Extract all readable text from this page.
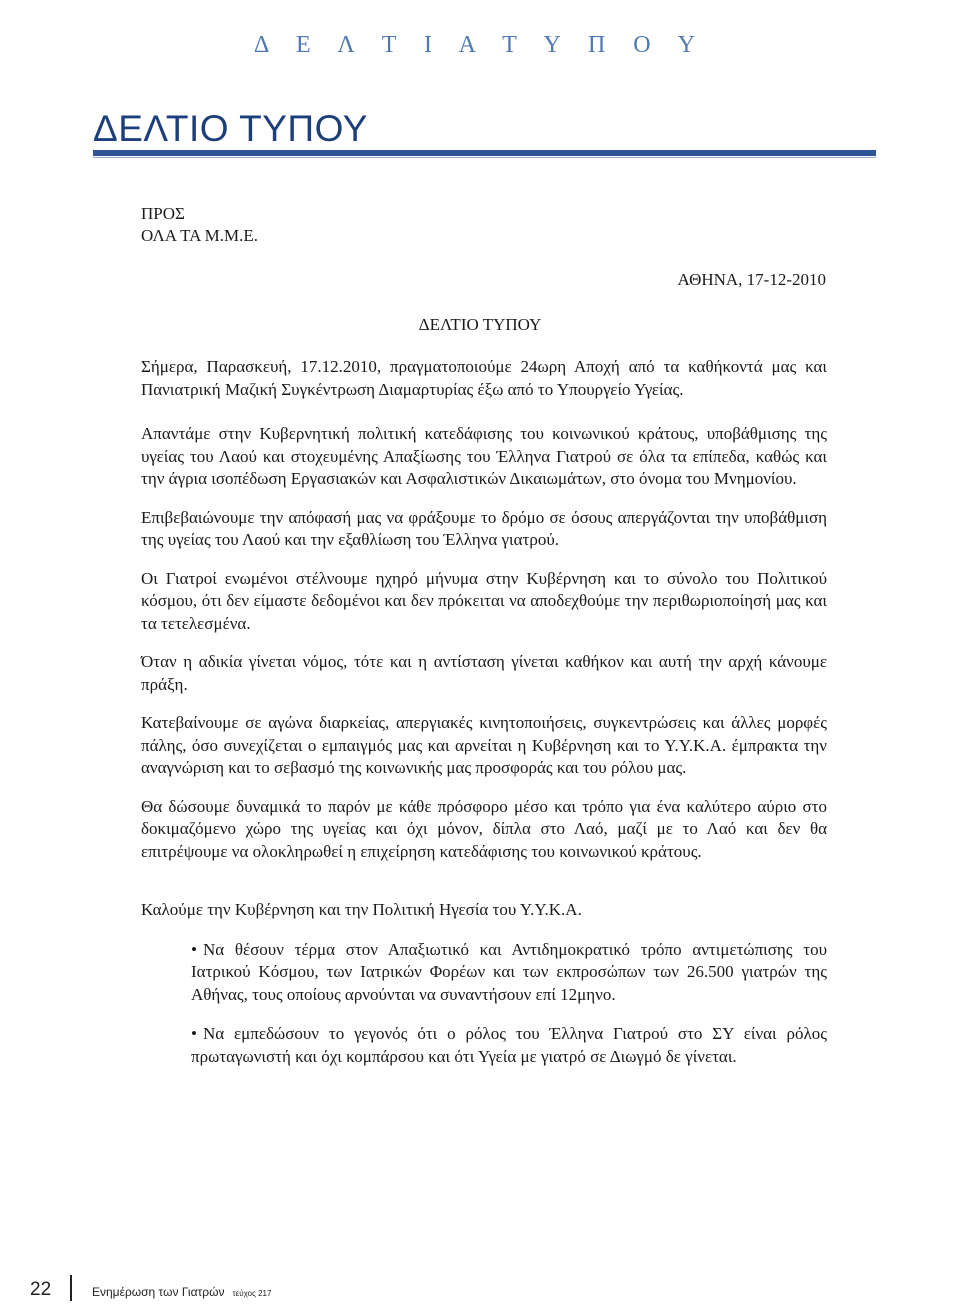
Δ Ε Λ Τ Ι Α Τ Υ Π Ο Υ
ΔΕΛΤΙΟ ΤΥΠΟΥ
ΠΡΟΣ
ΟΛΑ ΤΑ Μ.Μ.Ε.
ΑΘΗΝΑ, 17-12-2010
ΔΕΛΤΙΟ ΤΥΠΟΥ

Σήμερα, Παρασκευή, 17.12.2010, πραγματοποιούμε 24ωρη Αποχή από τα καθήκοντά μας και Πανιατρική Μαζική Συγκέντρωση Διαμαρτυρίας έξω από το Υπουργείο Υγείας.

Απαντάμε στην Κυβερνητική πολιτική κατεδάφισης του κοινωνικού κράτους, υποβάθμισης της υγείας του Λαού και στοχευμένης Απαξίωσης του Έλληνα Γιατρού σε όλα τα επίπεδα, καθώς και την άγρια ισοπέδωση Εργασιακών και Ασφαλιστικών Δικαιωμάτων, στο όνομα του Μνημονίου.

Επιβεβαιώνουμε την απόφασή μας να φράξουμε το δρόμο σε όσους απεργάζονται την υποβάθμιση της υγείας του Λαού και την εξαθλίωση του Έλληνα γιατρού.

Οι Γιατροί ενωμένοι στέλνουμε ηχηρό μήνυμα στην Κυβέρνηση και το σύνολο του Πολιτικού κόσμου, ότι δεν είμαστε δεδομένοι και δεν πρόκειται να αποδεχθούμε την περιθωριοποίησή μας και τα τετελεσμένα.

Όταν η αδικία γίνεται νόμος, τότε και η αντίσταση γίνεται καθήκον και αυτή την αρχή κάνουμε πράξη.

Κατεβαίνουμε σε αγώνα διαρκείας, απεργιακές κινητοποιήσεις, συγκεντρώσεις και άλλες μορφές πάλης, όσο συνεχίζεται ο εμπαιγμός μας και αρνείται η Κυβέρνηση και το Υ.Υ.Κ.Α. έμπρακτα την αναγνώριση και το σεβασμό της κοινωνικής μας προσφοράς και του ρόλου μας.

Θα δώσουμε δυναμικά το παρόν με κάθε πρόσφορο μέσο και τρόπο για ένα καλύτερο αύριο στο δοκιμαζόμενο χώρο της υγείας και όχι μόνον, δίπλα στο Λαό, μαζί με το Λαό και δεν θα επιτρέψουμε να ολοκληρωθεί η επιχείρηση κατεδάφισης του κοινωνικού κράτους.

Καλούμε την Κυβέρνηση και την Πολιτική Ηγεσία του Υ.Υ.Κ.Α.

• Να θέσουν τέρμα στον Απαξιωτικό και Αντιδημοκρατικό τρόπο αντιμετώπισης του Ιατρικού Κόσμου, των Ιατρικών Φορέων και των εκπροσώπων των 26.500 γιατρών της Αθήνας, τους οποίους αρνούνται να συναντήσουν επί 12μηνο.
• Να εμπεδώσουν το γεγονός ότι ο ρόλος του Έλληνα Γιατρού στο ΣΥ είναι ρόλος πρωταγωνιστή και όχι κομπάρσου και ότι Υγεία με γιατρό σε Διωγμό δε γίνεται.
22	Ενημέρωση των Γιατρών τεύχος 217
